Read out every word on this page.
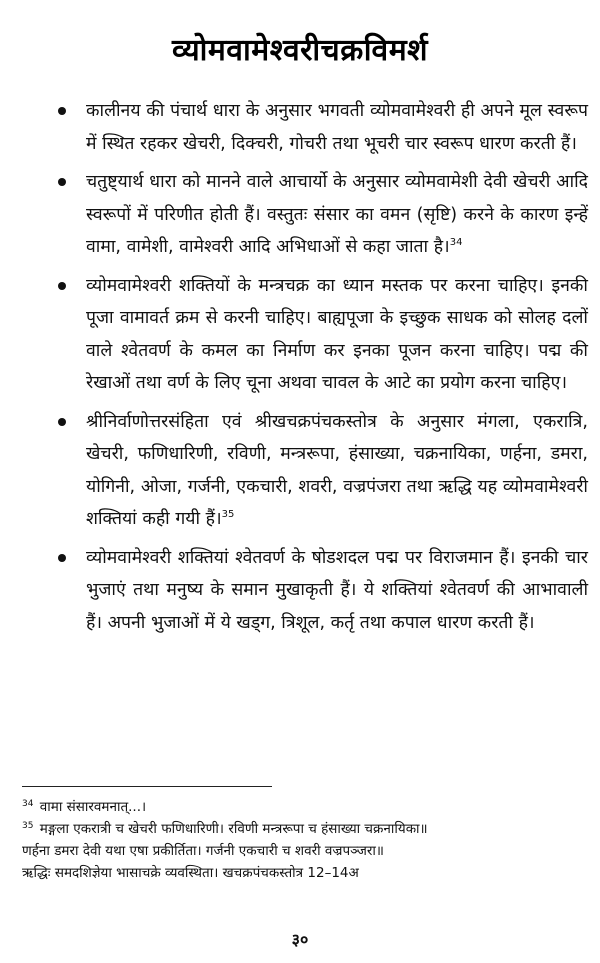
व्योमवामेश्वरीचक्रविमर्श
कालीनय की पंचार्थ धारा के अनुसार भगवती व्योमवामेश्वरी ही अपने मूल स्वरूप में स्थित रहकर खेचरी, दिक्चरी, गोचरी तथा भूचरी चार स्वरूप धारण करती हैं।
चतुष्ट्यार्थ धारा को मानने वाले आचार्यो के अनुसार व्योमवामेशी देवी खेचरी आदि स्वरूपों में परिणीत होती हैं। वस्तुतः संसार का वमन (सृष्टि) करने के कारण इन्हें वामा, वामेशी, वामेश्वरी आदि अभिधाओं से कहा जाता है।$^{34}$
व्योमवामेश्वरी शक्तियों के मन्त्रचक्र का ध्यान मस्तक पर करना चाहिए। इनकी पूजा वामावर्त क्रम से करनी चाहिए। बाह्यपूजा के इच्छुक साधक को सोलह दलों वाले श्वेतवर्ण के कमल का निर्माण कर इनका पूजन करना चाहिए। पद्म की रेखाओं तथा वर्ण के लिए चूना अथवा चावल के आटे का प्रयोग करना चाहिए।
श्रीनिर्वाणोत्तरसंहिता एवं श्रीखचक्रपंचकस्तोत्र के अनुसार मंगला, एकरात्रि, खेचरी, फणिधारिणी, रविणी, मन्त्ररूपा, हंसाख्या, चक्रनायिका, णर्हना, डमरा, योगिनी, ओजा, गर्जनी, एकचारी, शवरी, वज्रपंजरा तथा ऋद्धि यह व्योमवामेश्वरी शक्तियां कही गयी हैं।$^{35}$
व्योमवामेश्वरी शक्तियां श्वेतवर्ण के षोडशदल पद्म पर विराजमान हैं। इनकी चार भुजाएं तथा मनुष्य के समान मुखाकृती हैं। ये शक्तियां श्वेतवर्ण की आभावाली हैं। अपनी भुजाओं में ये खड्ग, त्रिशूल, कर्तृ तथा कपाल धारण करती हैं।
$^{34}$ वामा संसारवमनात्...।
$^{35}$ मङ्गला एकरात्री च खेचरी फणिधारिणी। रविणी मन्त्ररूपा च हंसाख्या चक्रनायिका॥
णर्हना डमरा देवी यथा एषा प्रकीर्तिता। गर्जनी एकचारी च शवरी वज्रपञ्जरा॥
ऋद्धिः समदशिज्ञेया भासाचक्रे व्यवस्थिता। खचक्रपंचकस्तोत्र 12–14अ
३०
